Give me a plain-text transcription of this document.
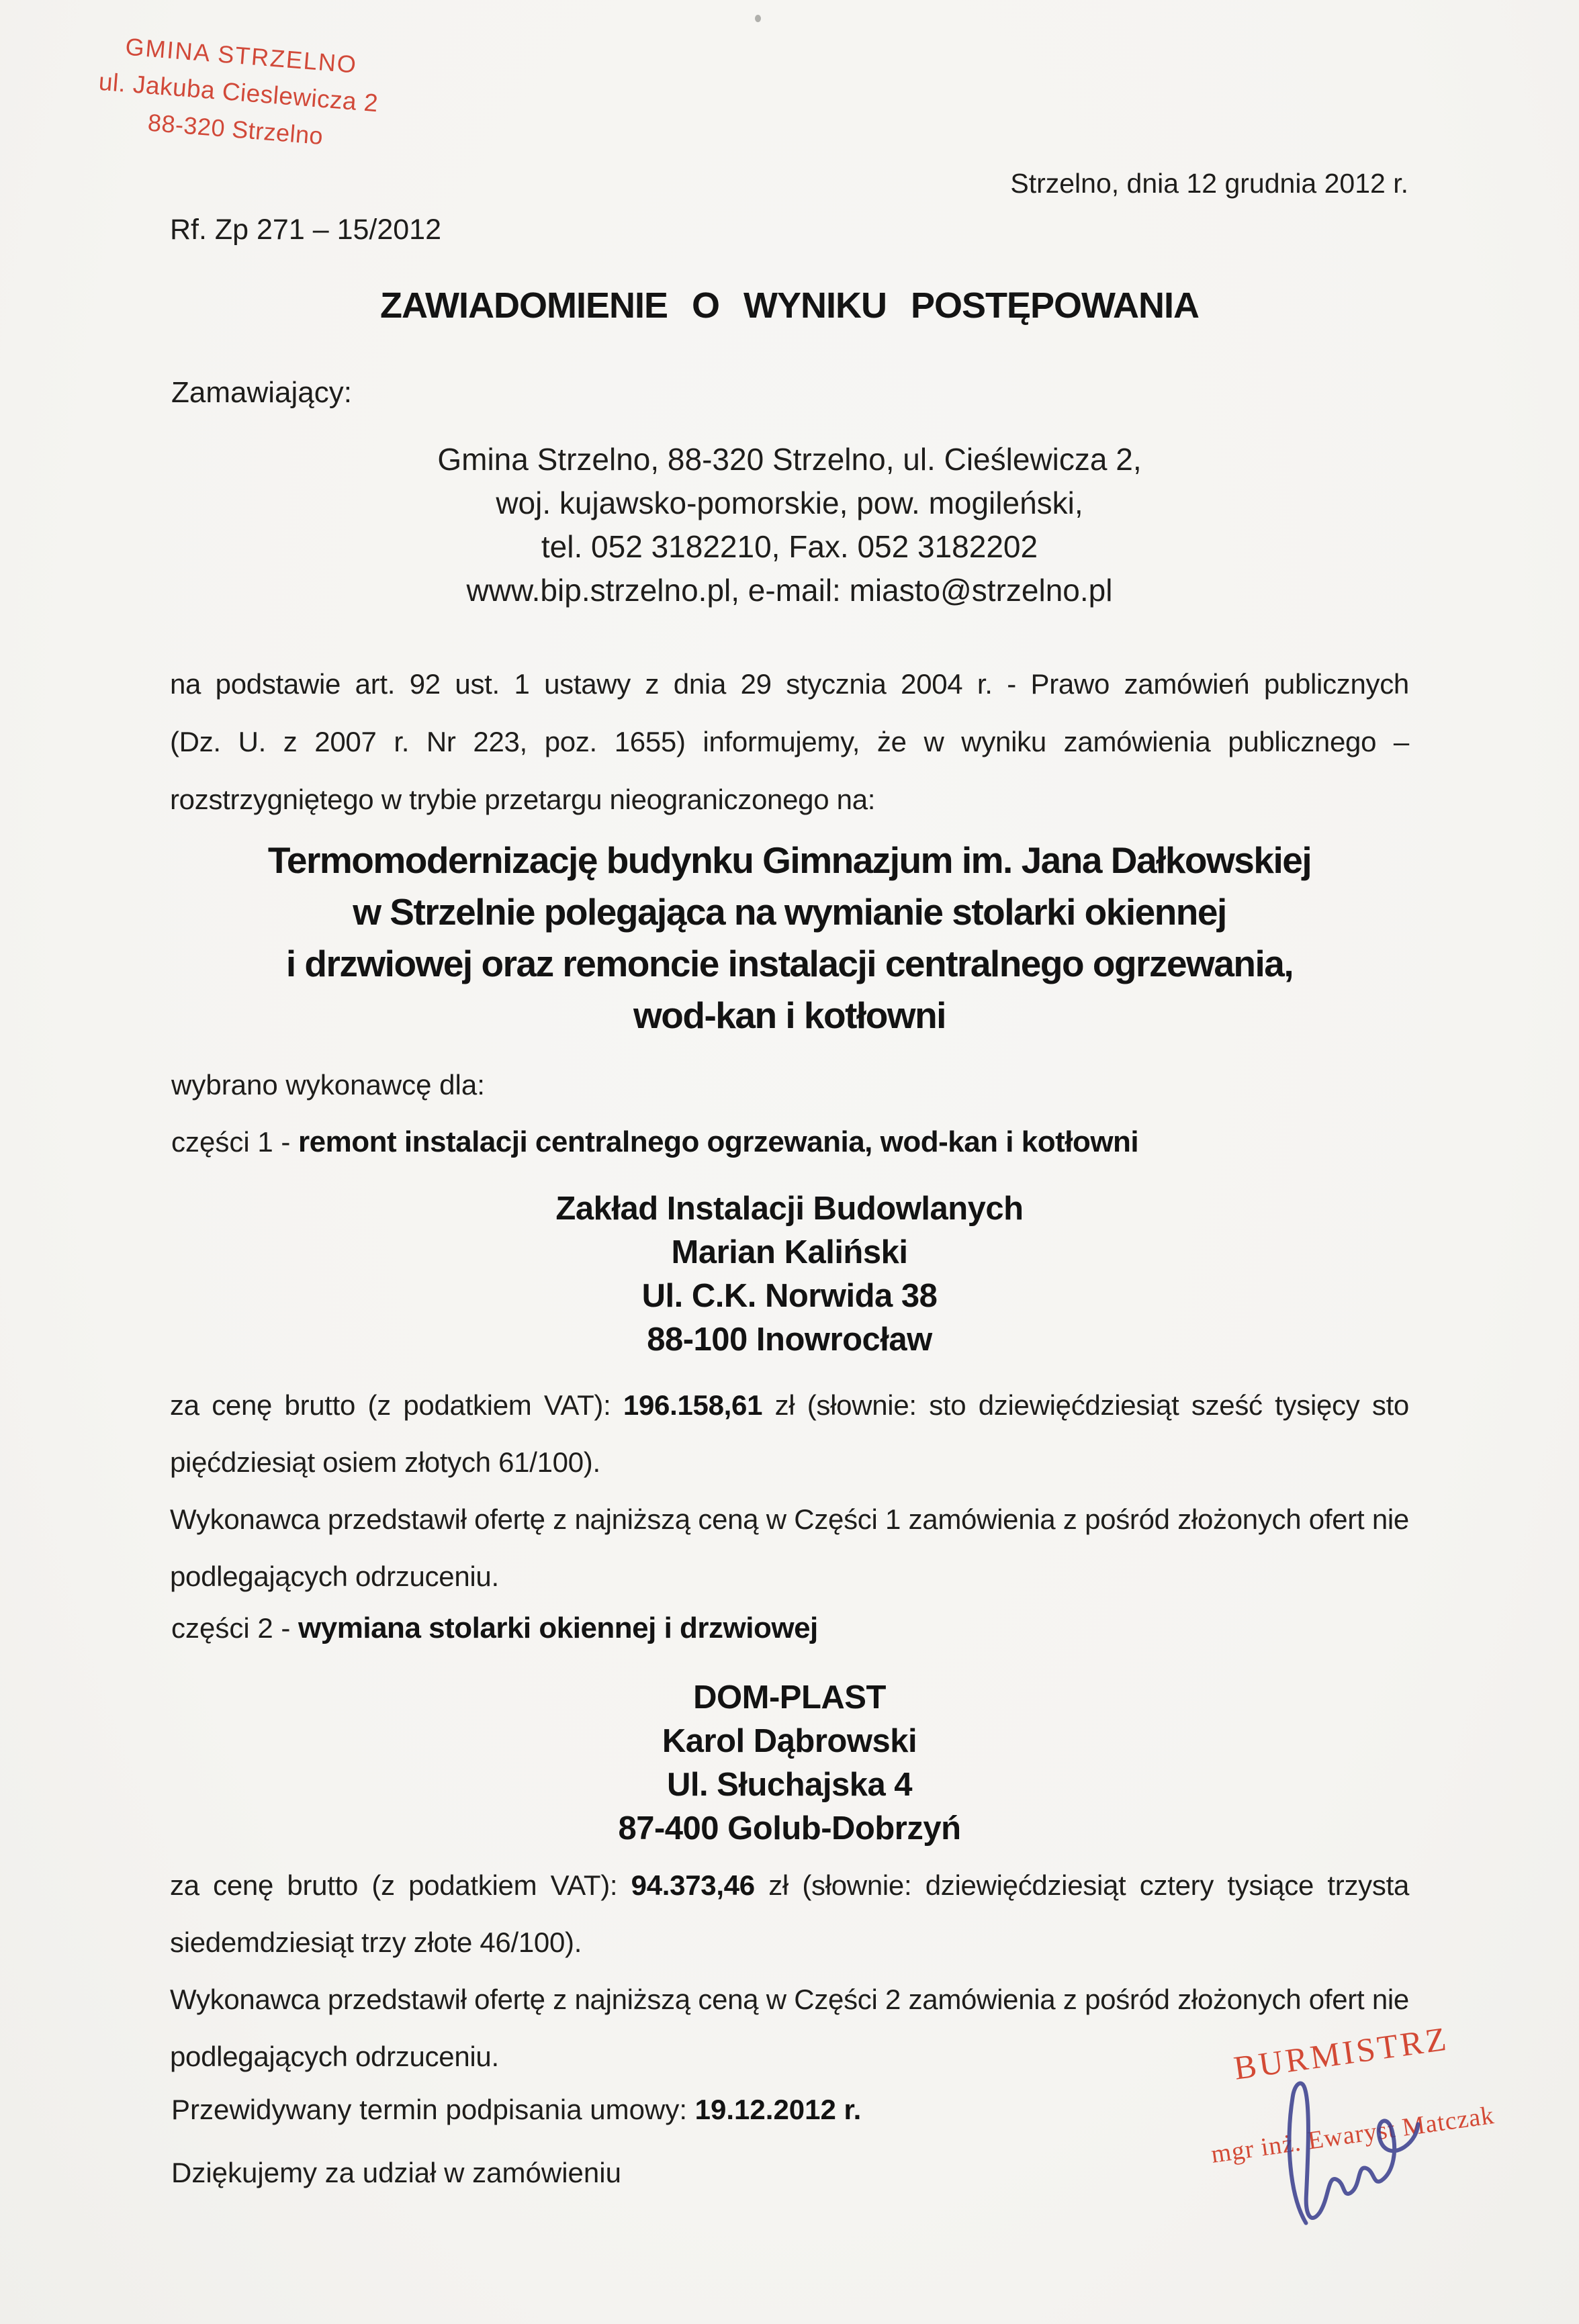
GMINA STRZELNO
ul. Jakuba Cieslewicza 2
88-320 Strzelno
Strzelno, dnia 12 grudnia 2012 r.
Rf. Zp 271 – 15/2012
ZAWIADOMIENIE O WYNIKU POSTĘPOWANIA
Zamawiający:
Gmina Strzelno, 88-320 Strzelno, ul. Cieślewicza 2,
woj. kujawsko-pomorskie, pow. mogileński,
tel. 052 3182210, Fax. 052 3182202
www.bip.strzelno.pl, e-mail: miasto@strzelno.pl
na podstawie art. 92 ust. 1 ustawy z dnia 29 stycznia 2004 r. - Prawo zamówień publicznych
(Dz. U. z 2007 r. Nr 223, poz. 1655) informujemy, że w wyniku zamówienia publicznego –
rozstrzygniętego w trybie przetargu nieograniczonego na:
Termomodernizację budynku Gimnazjum im. Jana Dałkowskiej
w Strzelnie polegająca na wymianie stolarki okiennej
i drzwiowej oraz remoncie instalacji centralnego ogrzewania,
wod-kan i kotłowni
wybrano wykonawcę dla:
części 1 - remont instalacji centralnego ogrzewania, wod-kan i kotłowni
Zakład Instalacji Budowlanych
Marian Kaliński
Ul. C.K. Norwida 38
88-100 Inowrocław
za cenę brutto (z podatkiem VAT): 196.158,61 zł (słownie: sto dziewięćdziesiąt sześć tysięcy sto
pięćdziesiąt osiem złotych 61/100).
Wykonawca przedstawił ofertę z najniższą ceną w Części 1 zamówienia z pośród złożonych ofert nie
podlegających odrzuceniu.
części 2 - wymiana stolarki okiennej i drzwiowej
DOM-PLAST
Karol Dąbrowski
Ul. Słuchajska 4
87-400 Golub-Dobrzyń
za cenę brutto (z podatkiem VAT): 94.373,46 zł (słownie: dziewięćdziesiąt cztery tysiące trzysta
siedemdziesiąt trzy złote 46/100).
Wykonawca przedstawił ofertę z najniższą ceną w Części 2 zamówienia z pośród złożonych ofert nie
podlegających odrzuceniu.
Przewidywany termin podpisania umowy: 19.12.2012 r.
Dziękujemy za udział w zamówieniu
BURMISTRZ
mgr inż. Ewaryst Matczak
